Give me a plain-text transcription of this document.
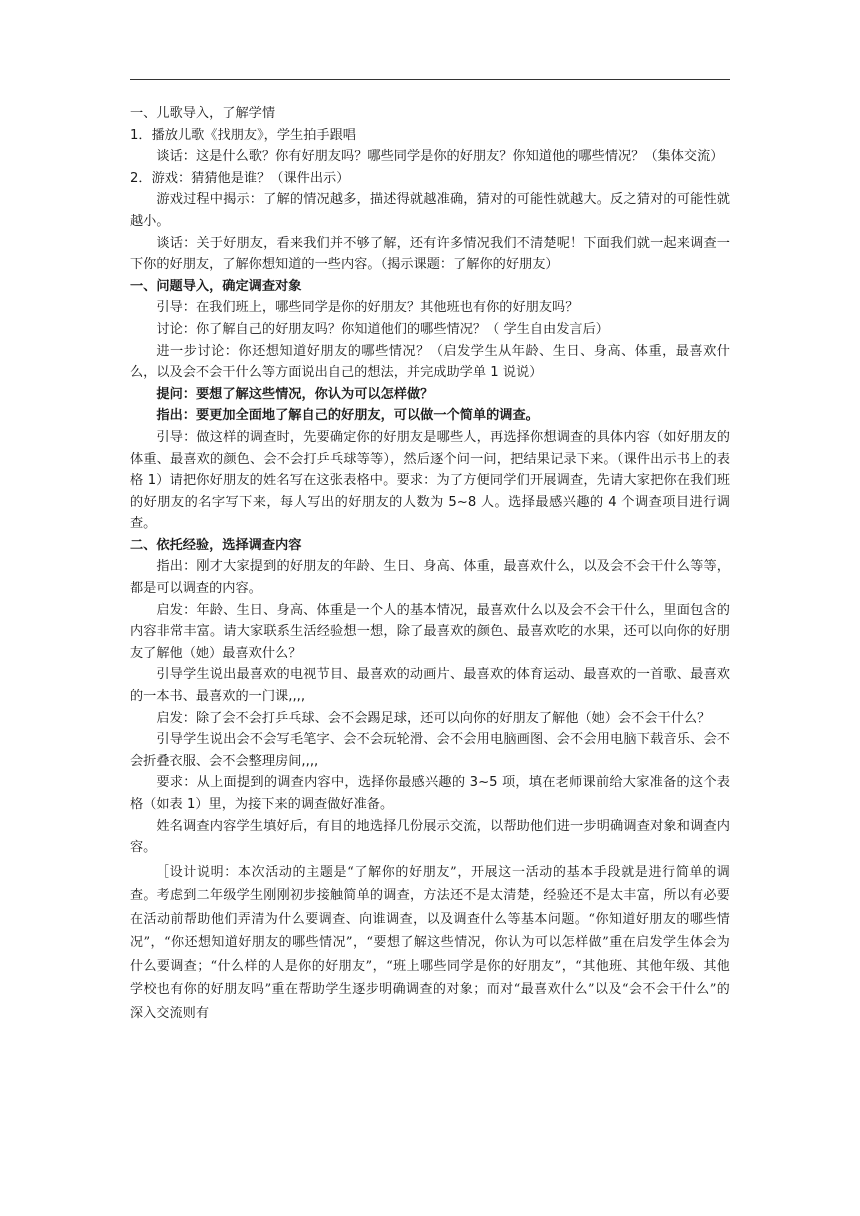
一、儿歌导入，了解学情

1．播放儿歌《找朋友》，学生拍手跟唱

谈话：这是什么歌？你有好朋友吗？哪些同学是你的好朋友？你知道他的哪些情况？（集体交流）

2．游戏：猜猜他是谁？（课件出示）

游戏过程中揭示：了解的情况越多，描述得就越准确，猜对的可能性就越大。反之猜对的可能性就越小。

谈话：关于好朋友，看来我们并不够了解，还有许多情况我们不清楚呢！下面我们就一起来调查一下你的好朋友，了解你想知道的一些内容。（揭示课题：了解你的好朋友）

一、问题导入，确定调查对象

引导：在我们班上，哪些同学是你的好朋友？其他班也有你的好朋友吗？

讨论：你了解自己的好朋友吗？你知道他们的哪些情况？（ 学生自由发言后）

进一步讨论：你还想知道好朋友的哪些情况？（启发学生从年龄、生日、身高、体重，最喜欢什么，以及会不会干什么等方面说出自己的想法，并完成助学单 1 说说）

提问：要想了解这些情况，你认为可以怎样做？

指出：要更加全面地了解自己的好朋友，可以做一个简单的调查。

引导：做这样的调查时，先要确定你的好朋友是哪些人，再选择你想调查的具体内容（如好朋友的体重、最喜欢的颜色、会不会打乒乓球等等），然后逐个问一问，把结果记录下来。（课件出示书上的表格 1）请把你好朋友的姓名写在这张表格中。要求：为了方便同学们开展调查，先请大家把你在我们班的好朋友的名字写下来，每人写出的好朋友的人数为 5~8 人。选择最感兴趣的 4 个调查项目进行调查。

二、依托经验，选择调查内容

指出：刚才大家提到的好朋友的年龄、生日、身高、体重，最喜欢什么，以及会不会干什么等等，都是可以调查的内容。

启发：年龄、生日、身高、体重是一个人的基本情况，最喜欢什么以及会不会干什么，里面包含的内容非常丰富。请大家联系生活经验想一想，除了最喜欢的颜色、最喜欢吃的水果，还可以向你的好朋友了解他（她）最喜欢什么？

引导学生说出最喜欢的电视节目、最喜欢的动画片、最喜欢的体育运动、最喜欢的一首歌、最喜欢的一本书、最喜欢的一门课,,,,

启发：除了会不会打乒乓球、会不会踢足球，还可以向你的好朋友了解他（她）会不会干什么？

引导学生说出会不会写毛笔字、会不会玩轮滑、会不会用电脑画图、会不会用电脑下载音乐、会不会折叠衣服、会不会整理房间,,,,

要求：从上面提到的调查内容中，选择你最感兴趣的 3~5 项，填在老师课前给大家准备的这个表格（如表 1）里，为接下来的调查做好准备。

姓名调查内容学生填好后，有目的地选择几份展示交流，以帮助他们进一步明确调查对象和调查内容。

［设计说明：本次活动的主题是“了解你的好朋友”，开展这一活动的基本手段就是进行简单的调查。考虑到二年级学生刚刚初步接触简单的调查，方法还不是太清楚，经验还不是太丰富，所以有必要在活动前帮助他们弄清为什么要调查、向谁调查，以及调查什么等基本问题。“你知道好朋友的哪些情况”，“你还想知道好朋友的哪些情况”，“要想了解这些情况，你认为可以怎样做”重在启发学生体会为什么要调查；“什么样的人是你的好朋友”，“班上哪些同学是你的好朋友”，“其他班、其他年级、其他学校也有你的好朋友吗”重在帮助学生逐步明确调查的对象；而对“最喜欢什么”以及“会不会干什么”的深入交流则有
